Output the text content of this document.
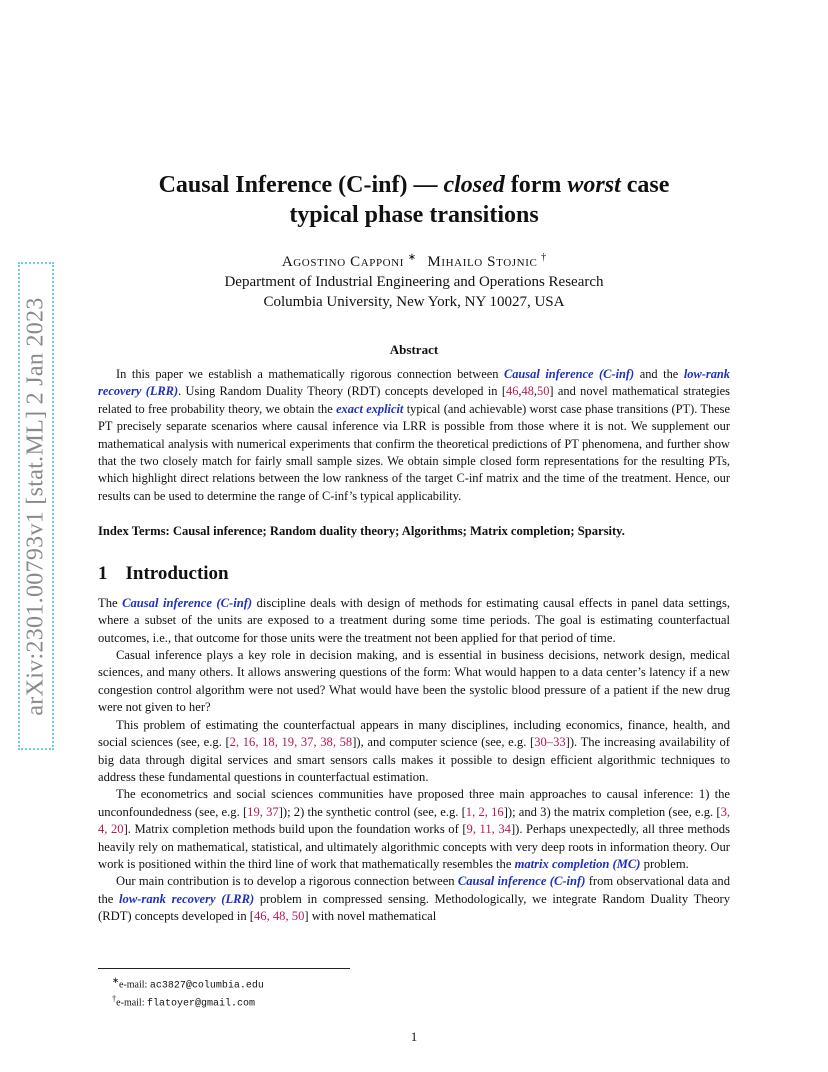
arXiv:2301.00793v1 [stat.ML] 2 Jan 2023
Causal Inference (C-inf) — closed form worst case
typical phase transitions
Agostino Capponi ∗ Mihailo Stojnic †
Department of Industrial Engineering and Operations Research
Columbia University, New York, NY 10027, USA
Abstract

In this paper we establish a mathematically rigorous connection between Causal inference (C-inf) and the low-rank recovery (LRR). Using Random Duality Theory (RDT) concepts developed in [46,48,50] and novel mathematical strategies related to free probability theory, we obtain the exact explicit typical (and achievable) worst case phase transitions (PT). These PT precisely separate scenarios where causal inference via LRR is possible from those where it is not. We supplement our mathematical analysis with numerical experiments that confirm the theoretical predictions of PT phenomena, and further show that the two closely match for fairly small sample sizes. We obtain simple closed form representations for the resulting PTs, which highlight direct relations between the low rankness of the target C-inf matrix and the time of the treatment. Hence, our results can be used to determine the range of C-inf’s typical applicability.

Index Terms: Causal inference; Random duality theory; Algorithms; Matrix completion; Sparsity.
1 Introduction

The Causal inference (C-inf) discipline deals with design of methods for estimating causal effects in panel data settings, where a subset of the units are exposed to a treatment during some time periods. The goal is estimating counterfactual outcomes, i.e., that outcome for those units were the treatment not been applied for that period of time.

Casual inference plays a key role in decision making, and is essential in business decisions, network design, medical sciences, and many others. It allows answering questions of the form: What would happen to a data center’s latency if a new congestion control algorithm were not used? What would have been the systolic blood pressure of a patient if the new drug were not given to her?

This problem of estimating the counterfactual appears in many disciplines, including economics, finance, health, and social sciences (see, e.g. [2, 16, 18, 19, 37, 38, 58]), and computer science (see, e.g. [30–33]). The increasing availability of big data through digital services and smart sensors calls makes it possible to design efficient algorithmic techniques to address these fundamental questions in counterfactual estimation.

The econometrics and social sciences communities have proposed three main approaches to causal inference: 1) the unconfoundedness (see, e.g. [19, 37]); 2) the synthetic control (see, e.g. [1, 2, 16]); and 3) the matrix completion (see, e.g. [3, 4, 20]. Matrix completion methods build upon the foundation works of [9, 11, 34]). Perhaps unexpectedly, all three methods heavily rely on mathematical, statistical, and ultimately algorithmic concepts with very deep roots in information theory. Our work is positioned within the third line of work that mathematically resembles the matrix completion (MC) problem.

Our main contribution is to develop a rigorous connection between Causal inference (C-inf) from observational data and the low-rank recovery (LRR) problem in compressed sensing. Methodologically, we integrate Random Duality Theory (RDT) concepts developed in [46, 48, 50] with novel mathematical

∗e-mail: ac3827@columbia.edu
†e-mail: flatoyer@gmail.com
1
